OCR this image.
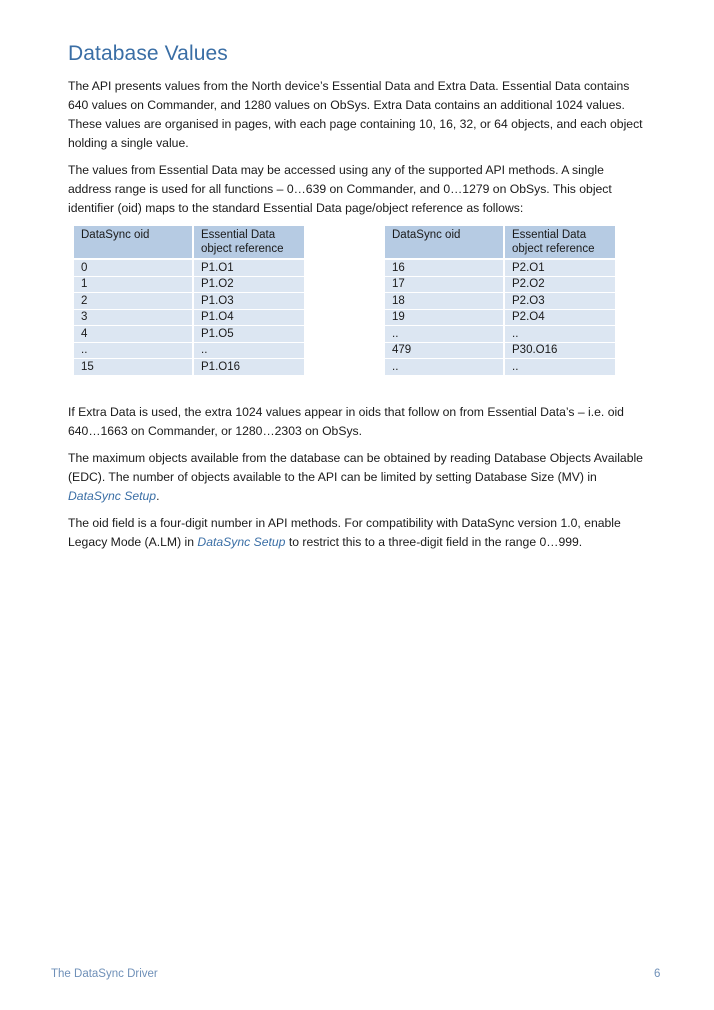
Database Values

The API presents values from the North device’s Essential Data and Extra Data. Essential Data contains 640 values on Commander, and 1280 values on ObSys. Extra Data contains an additional 1024 values. These values are organised in pages, with each page containing 10, 16, 32, or 64 objects, and each object holding a single value.

The values from Essential Data may be accessed using any of the supported API methods. A single address range is used for all functions – 0…639 on Commander, and 0…1279 on ObSys. This object identifier (oid) maps to the standard Essential Data page/object reference as follows:

DataSync oid	Essential Data object reference
0	P1.O1
1	P1.O2
2	P1.O3
3	P1.O4
4	P1.O5
..	..
15	P1.O16
DataSync oid	Essential Data object reference
16	P2.O1
17	P2.O2
18	P2.O3
19	P2.O4
..	..
479	P30.O16
..	..

If Extra Data is used, the extra 1024 values appear in oids that follow on from Essential Data’s – i.e. oid 640…1663 on Commander, or 1280…2303 on ObSys.

The maximum objects available from the database can be obtained by reading Database Objects Available (EDC). The number of objects available to the API can be limited by setting Database Size (MV) in DataSync Setup.

The oid field is a four-digit number in API methods. For compatibility with DataSync version 1.0, enable Legacy Mode (A.LM) in DataSync Setup to restrict this to a three-digit field in the range 0…999.

The DataSync Driver	6
